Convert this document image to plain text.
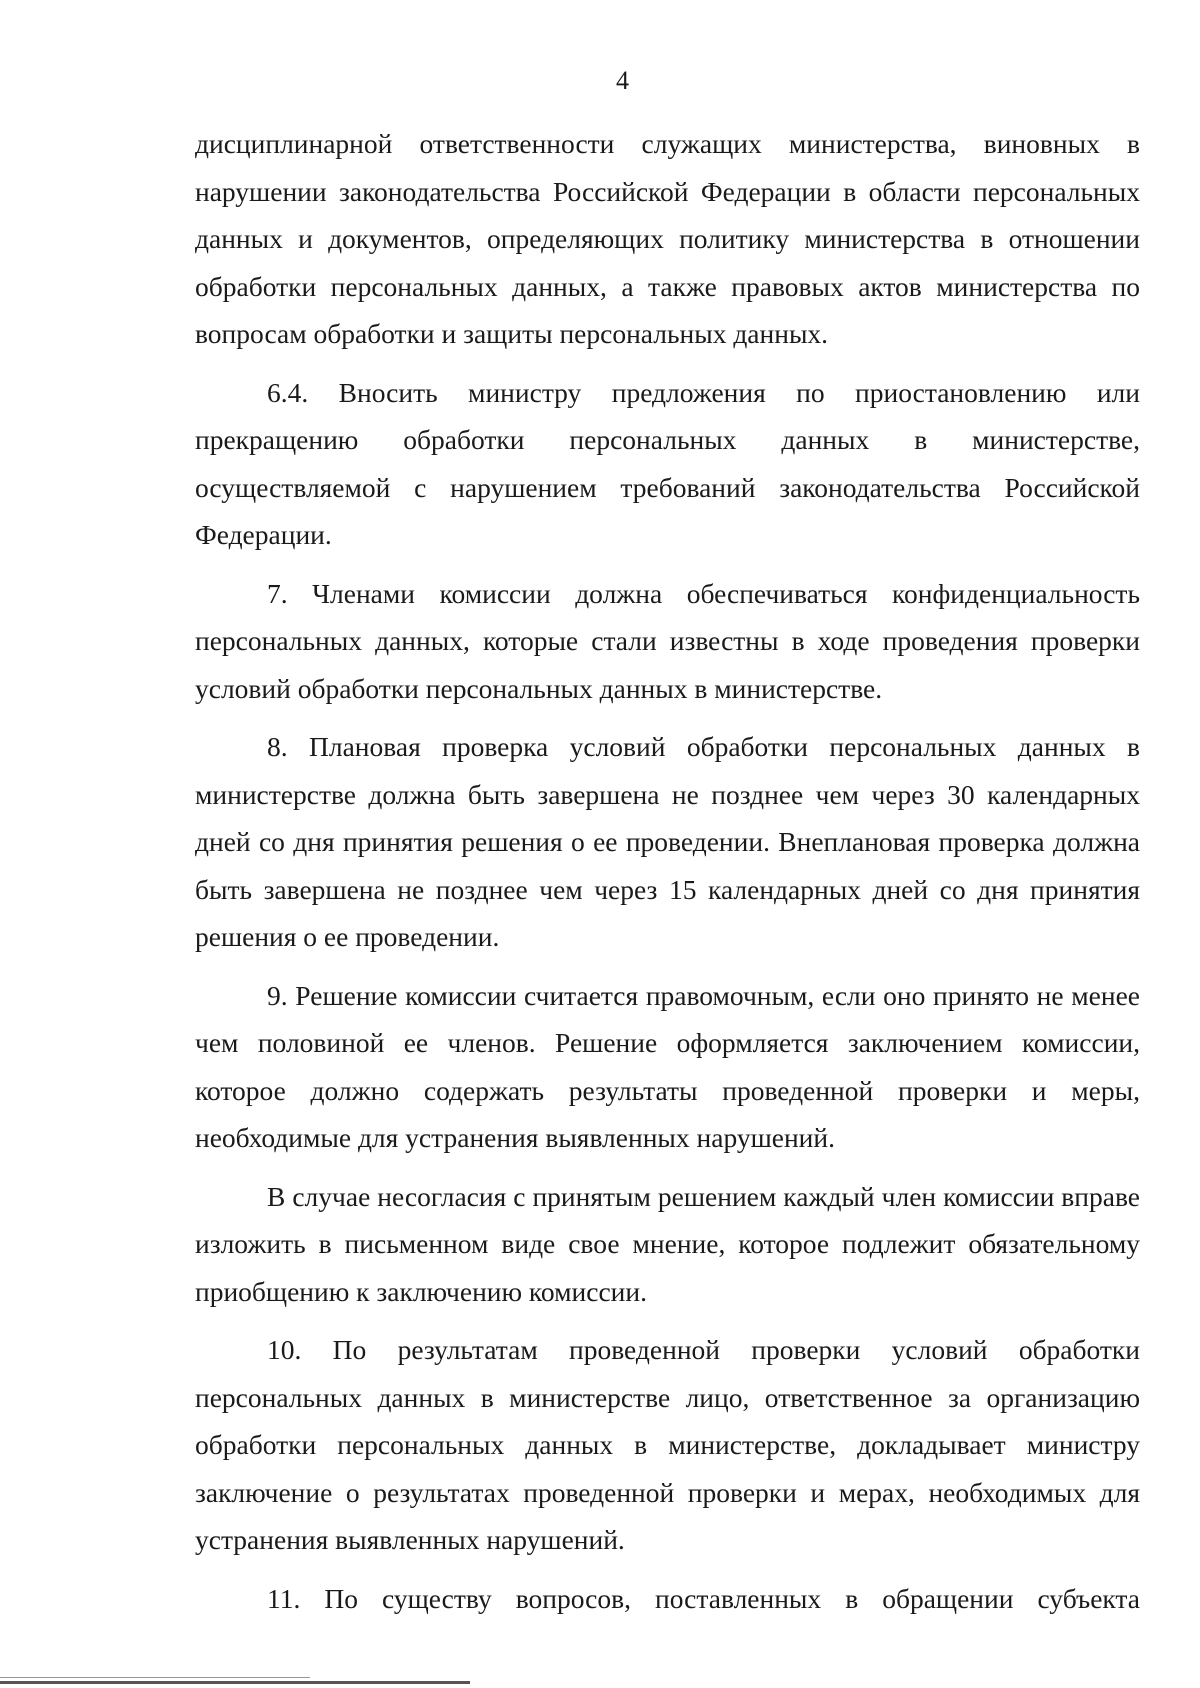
4

дисциплинарной ответственности служащих министерства, виновных в нарушении законодательства Российской Федерации в области персональных данных и документов, определяющих политику министерства в отношении обработки персональных данных, а также правовых актов министерства по вопросам обработки и защиты персональных данных.

6.4. Вносить министру предложения по приостановлению или прекращению обработки персональных данных в министерстве, осуществляемой с нарушением требований законодательства Российской Федерации.

7. Членами комиссии должна обеспечиваться конфиденциальность персональных данных, которые стали известны в ходе проведения проверки условий обработки персональных данных в министерстве.

8. Плановая проверка условий обработки персональных данных в министерстве должна быть завершена не позднее чем через 30 календарных дней со дня принятия решения о ее проведении. Внеплановая проверка должна быть завершена не позднее чем через 15 календарных дней со дня принятия решения о ее проведении.

9. Решение комиссии считается правомочным, если оно принято не менее чем половиной ее членов. Решение оформляется заключением комиссии, которое должно содержать результаты проведенной проверки и меры, необходимые для устранения выявленных нарушений.

В случае несогласия с принятым решением каждый член комиссии вправе изложить в письменном виде свое мнение, которое подлежит обязательному приобщению к заключению комиссии.

10. По результатам проведенной проверки условий обработки персональных данных в министерстве лицо, ответственное за организацию обработки персональных данных в министерстве, докладывает министру заключение о результатах проведенной проверки и мерах, необходимых для устранения выявленных нарушений.

11. По существу вопросов, поставленных в обращении субъекта
